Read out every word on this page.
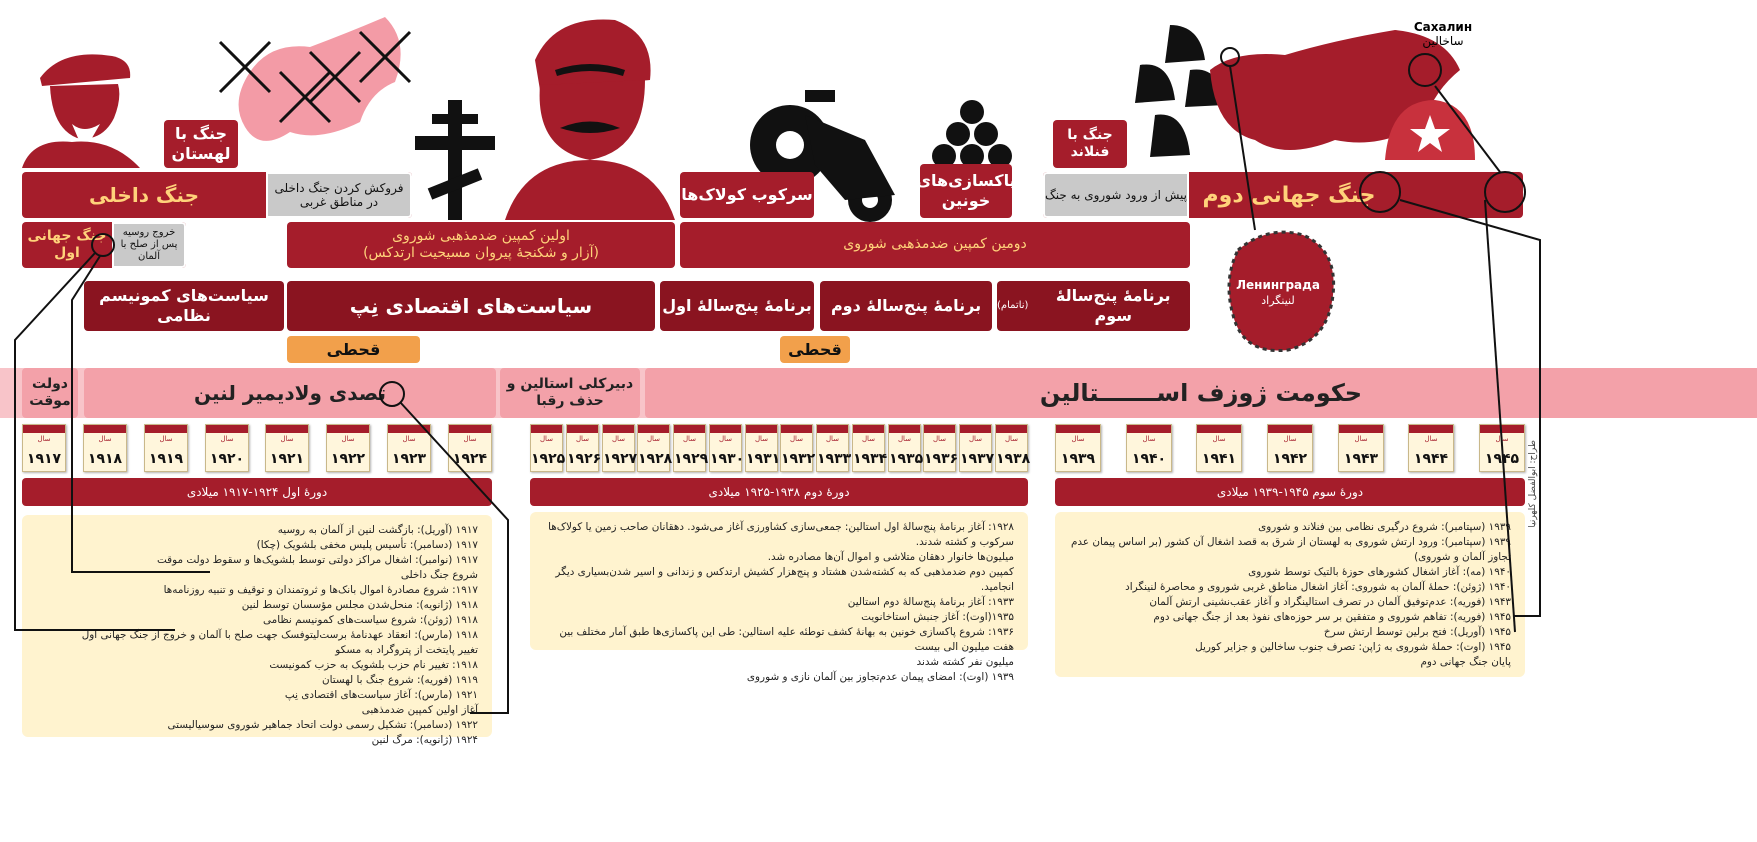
جنگ با لهستان
فروکش کردن جنگ داخلی در مناطق غربی
جنگ داخلی	سرکوب کولاک‌ها
پاکسازی‌های خونین
جنگ با فنلاند
پیش از ورود شوروی به جنگ جنگ جهانی دوم
Сахалин
ساخالین
خروج روسیه پس از صلح با آلمان
جنگ جهانی اول
اولین کمپین ضدمذهبی شوروی
(آزار و شکنجهٔ پیروان مسیحیت ارتدکس)
دومین کمپین ضدمذهبی شوروی
Ленинграда
لنینگراد
سیاست‌های کمونیسم نظامی	سیاست‌های اقتصادی نِپ	برنامهٔ پنج‌سالهٔ اول برنامهٔ پنج‌سالهٔ دوم
برنامهٔ پنج‌سالهٔ سوم
(ناتمام)
قحطی	قحطی
دولت موقت	تصدی ولادیمیر لنین	دبیرکلی استالین و حذف رقبا	حکومت ژوزف اســـــــتالین
سال
۱۹۱۷
سال
۱۹۱۸
سال
۱۹۱۹
سال
۱۹۲۰
سال
۱۹۲۱
سال
۱۹۲۲
سال
۱۹۲۳
سال
۱۹۲۴
سال
۱۹۲۵
سال
۱۹۲۶
سال
۱۹۲۷
سال
۱۹۲۸
سال
۱۹۲۹
سال
۱۹۳۰
سال
۱۹۳۱
سال
۱۹۳۲
سال
۱۹۳۳
سال
۱۹۳۴
سال
۱۹۳۵
سال
۱۹۳۶
سال
۱۹۳۷
سال
۱۹۳۸
سال
۱۹۳۹
سال
۱۹۴۰
سال
۱۹۴۱
سال
۱۹۴۲
سال
۱۹۴۳
سال
۱۹۴۴
سال
۱۹۴۵
دورهٔ اول ۱۹۲۴-۱۹۱۷ میلادی	دورهٔ دوم ۱۹۳۸-۱۹۲۵ میلادی	دورهٔ سوم ۱۹۴۵-۱۹۳۹ میلادی

۱۹۱۷ (آوریل): بازگشت لنین از آلمان به روسیه

۱۹۱۷ (دسامبر): تأسیس پلیس مخفی بلشویک (چکا)

۱۹۱۷ (نوامبر): اشغال مراکز دولتی توسط بلشویک‌ها و سقوط دولت موقت

شروع جنگ داخلی

۱۹۱۷: شروع مصادرهٔ اموال بانک‌ها و ثروتمندان و توقیف و تنبیه روزنامه‌ها

۱۹۱۸ (ژانویه): منحل‌شدن مجلس مؤسسان توسط لنین

۱۹۱۸ (ژوئن): شروع سیاست‌های کمونیسم نظامی

۱۹۱۸ (مارس): انعقاد عهدنامهٔ برست‌لیتوفسک جهت صلح با آلمان و خروج از جنگ جهانی اول

تغییر پایتخت از پتروگراد به مسکو

۱۹۱۸: تغییر نام حزب بلشویک به حزب کمونیست

۱۹۱۹ (فوریه): شروع جنگ با لهستان

۱۹۲۱ (مارس): آغاز سیاست‌های اقتصادی نِپ

آغاز اولین کمپین ضدمذهبی

۱۹۲۲ (دسامبر): تشکیل رسمی دولت اتحاد جماهیر شوروی سوسیالیستی

۱۹۲۴ (ژانویه): مرگ لنین

۱۹۲۸: آغاز برنامهٔ پنج‌سالهٔ اول استالین: جمعی‌سازی کشاورزی آغاز می‌شود. دهقانان صاحب زمین یا کولاک‌ها سرکوب و کشته شدند.

میلیون‌ها خانوار دهقان متلاشی و اموال آن‌ها مصادره شد.

کمپین دوم ضدمذهبی که به کشته‌شدن هشتاد و پنج‌هزار کشیش ارتدکس و زندانی و اسیر شدن‌بسیاری دیگر انجامید.

۱۹۳۳: آغاز برنامهٔ پنج‌سالهٔ دوم استالین

۱۹۳۵(اوت): آغاز جنبش استاخانویت

۱۹۳۶: شروع پاکسازی خونین به بهانهٔ کشف توطئه علیه استالین: طی این پاکسازی‌ها طبق آمار مختلف بین هفت میلیون الی بیست

میلیون نفر کشته شدند

۱۹۳۹ (اوت): امضای پیمان عدم‌تجاوز بین آلمان نازی و شوروی

۱۹۳۹ (سپتامبر): شروع درگیری نظامی بین فنلاند و شوروی

۱۹۳۹ (سپتامبر): ورود ارتش شوروی به لهستان از شرق به قصد اشغال آن کشور (بر اساس پیمان عدم تجاوز آلمان و شوروی)

۱۹۴۰ (مه): آغاز اشغال کشورهای حوزهٔ بالتیک توسط شوروی

۱۹۴۰ (ژوئن): حملهٔ آلمان به شوروی: آغاز اشغال مناطق غربی شوروی و محاصرهٔ لنینگراد

۱۹۴۳ (فوریه): عدم‌توفیق آلمان در تصرف استالینگراد و آغاز عقب‌نشینی ارتش آلمان

۱۹۴۵ (فوریه): تفاهم شوروی و متفقین بر سر حوزه‌های نفوذ بعد از جنگ جهانی دوم

۱۹۴۵ (آوریل): فتح برلین توسط ارتش سرخ

۱۹۴۵ (اوت): حملهٔ شوروی به ژاپن: تصرف جنوب ساخالین و جزایر کوریل

پایان جنگ جهانی دوم

طراح: ابوالفضل کلهرنیا
